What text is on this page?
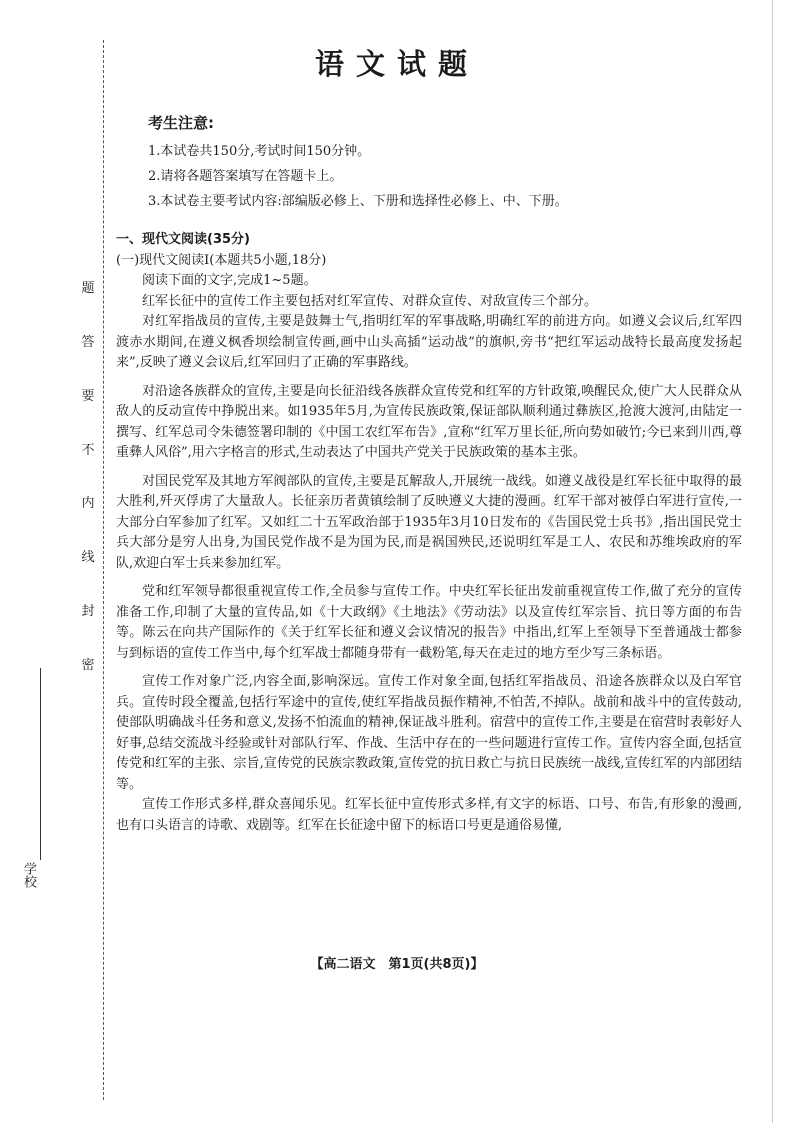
题
答
要
不
内
线
封
密
学校
语文试题
考生注意:
1.本试卷共150分,考试时间150分钟。
2.请将各题答案填写在答题卡上。
3.本试卷主要考试内容:部编版必修上、下册和选择性必修上、中、下册。
一、现代文阅读(35分)
(一)现代文阅读Ⅰ(本题共5小题,18分)

阅读下面的文字,完成1~5题。

红军长征中的宣传工作主要包括对红军宣传、对群众宣传、对敌宣传三个部分。

对红军指战员的宣传,主要是鼓舞士气,指明红军的军事战略,明确红军的前进方向。如遵义会议后,红军四渡赤水期间,在遵义枫香坝绘制宣传画,画中山头高插“运动战”的旗帜,旁书“把红军运动战特长最高度发扬起来”,反映了遵义会议后,红军回归了正确的军事路线。

对沿途各族群众的宣传,主要是向长征沿线各族群众宣传党和红军的方针政策,唤醒民众,使广大人民群众从敌人的反动宣传中挣脱出来。如1935年5月,为宣传民族政策,保证部队顺利通过彝族区,抢渡大渡河,由陆定一撰写、红军总司令朱德签署印制的《中国工农红军布告》,宣称“红军万里长征,所向势如破竹;今已来到川西,尊重彝人风俗”,用六字格言的形式,生动表达了中国共产党关于民族政策的基本主张。

对国民党军及其地方军阀部队的宣传,主要是瓦解敌人,开展统一战线。如遵义战役是红军长征中取得的最大胜利,歼灭俘虏了大量敌人。长征亲历者黄镇绘制了反映遵义大捷的漫画。红军干部对被俘白军进行宣传,一大部分白军参加了红军。又如红二十五军政治部于1935年3月10日发布的《告国民党士兵书》,指出国民党士兵大部分是穷人出身,为国民党作战不是为国为民,而是祸国殃民,还说明红军是工人、农民和苏维埃政府的军队,欢迎白军士兵来参加红军。

党和红军领导都很重视宣传工作,全员参与宣传工作。中央红军长征出发前重视宣传工作,做了充分的宣传准备工作,印制了大量的宣传品,如《十大政纲》《土地法》《劳动法》以及宣传红军宗旨、抗日等方面的布告等。陈云在向共产国际作的《关于红军长征和遵义会议情况的报告》中指出,红军上至领导下至普通战士都参与到标语的宣传工作当中,每个红军战士都随身带有一截粉笔,每天在走过的地方至少写三条标语。

宣传工作对象广泛,内容全面,影响深远。宣传工作对象全面,包括红军指战员、沿途各族群众以及白军官兵。宣传时段全覆盖,包括行军途中的宣传,使红军指战员振作精神,不怕苦,不掉队。战前和战斗中的宣传鼓动,使部队明确战斗任务和意义,发扬不怕流血的精神,保证战斗胜利。宿营中的宣传工作,主要是在宿营时表彰好人好事,总结交流战斗经验或针对部队行军、作战、生活中存在的一些问题进行宣传工作。宣传内容全面,包括宣传党和红军的主张、宗旨,宣传党的民族宗教政策,宣传党的抗日救亡与抗日民族统一战线,宣传红军的内部团结等。

宣传工作形式多样,群众喜闻乐见。红军长征中宣传形式多样,有文字的标语、口号、布告,有形象的漫画,也有口头语言的诗歌、戏剧等。红军在长征途中留下的标语口号更是通俗易懂,

【高二语文　第1页(共8页)】
